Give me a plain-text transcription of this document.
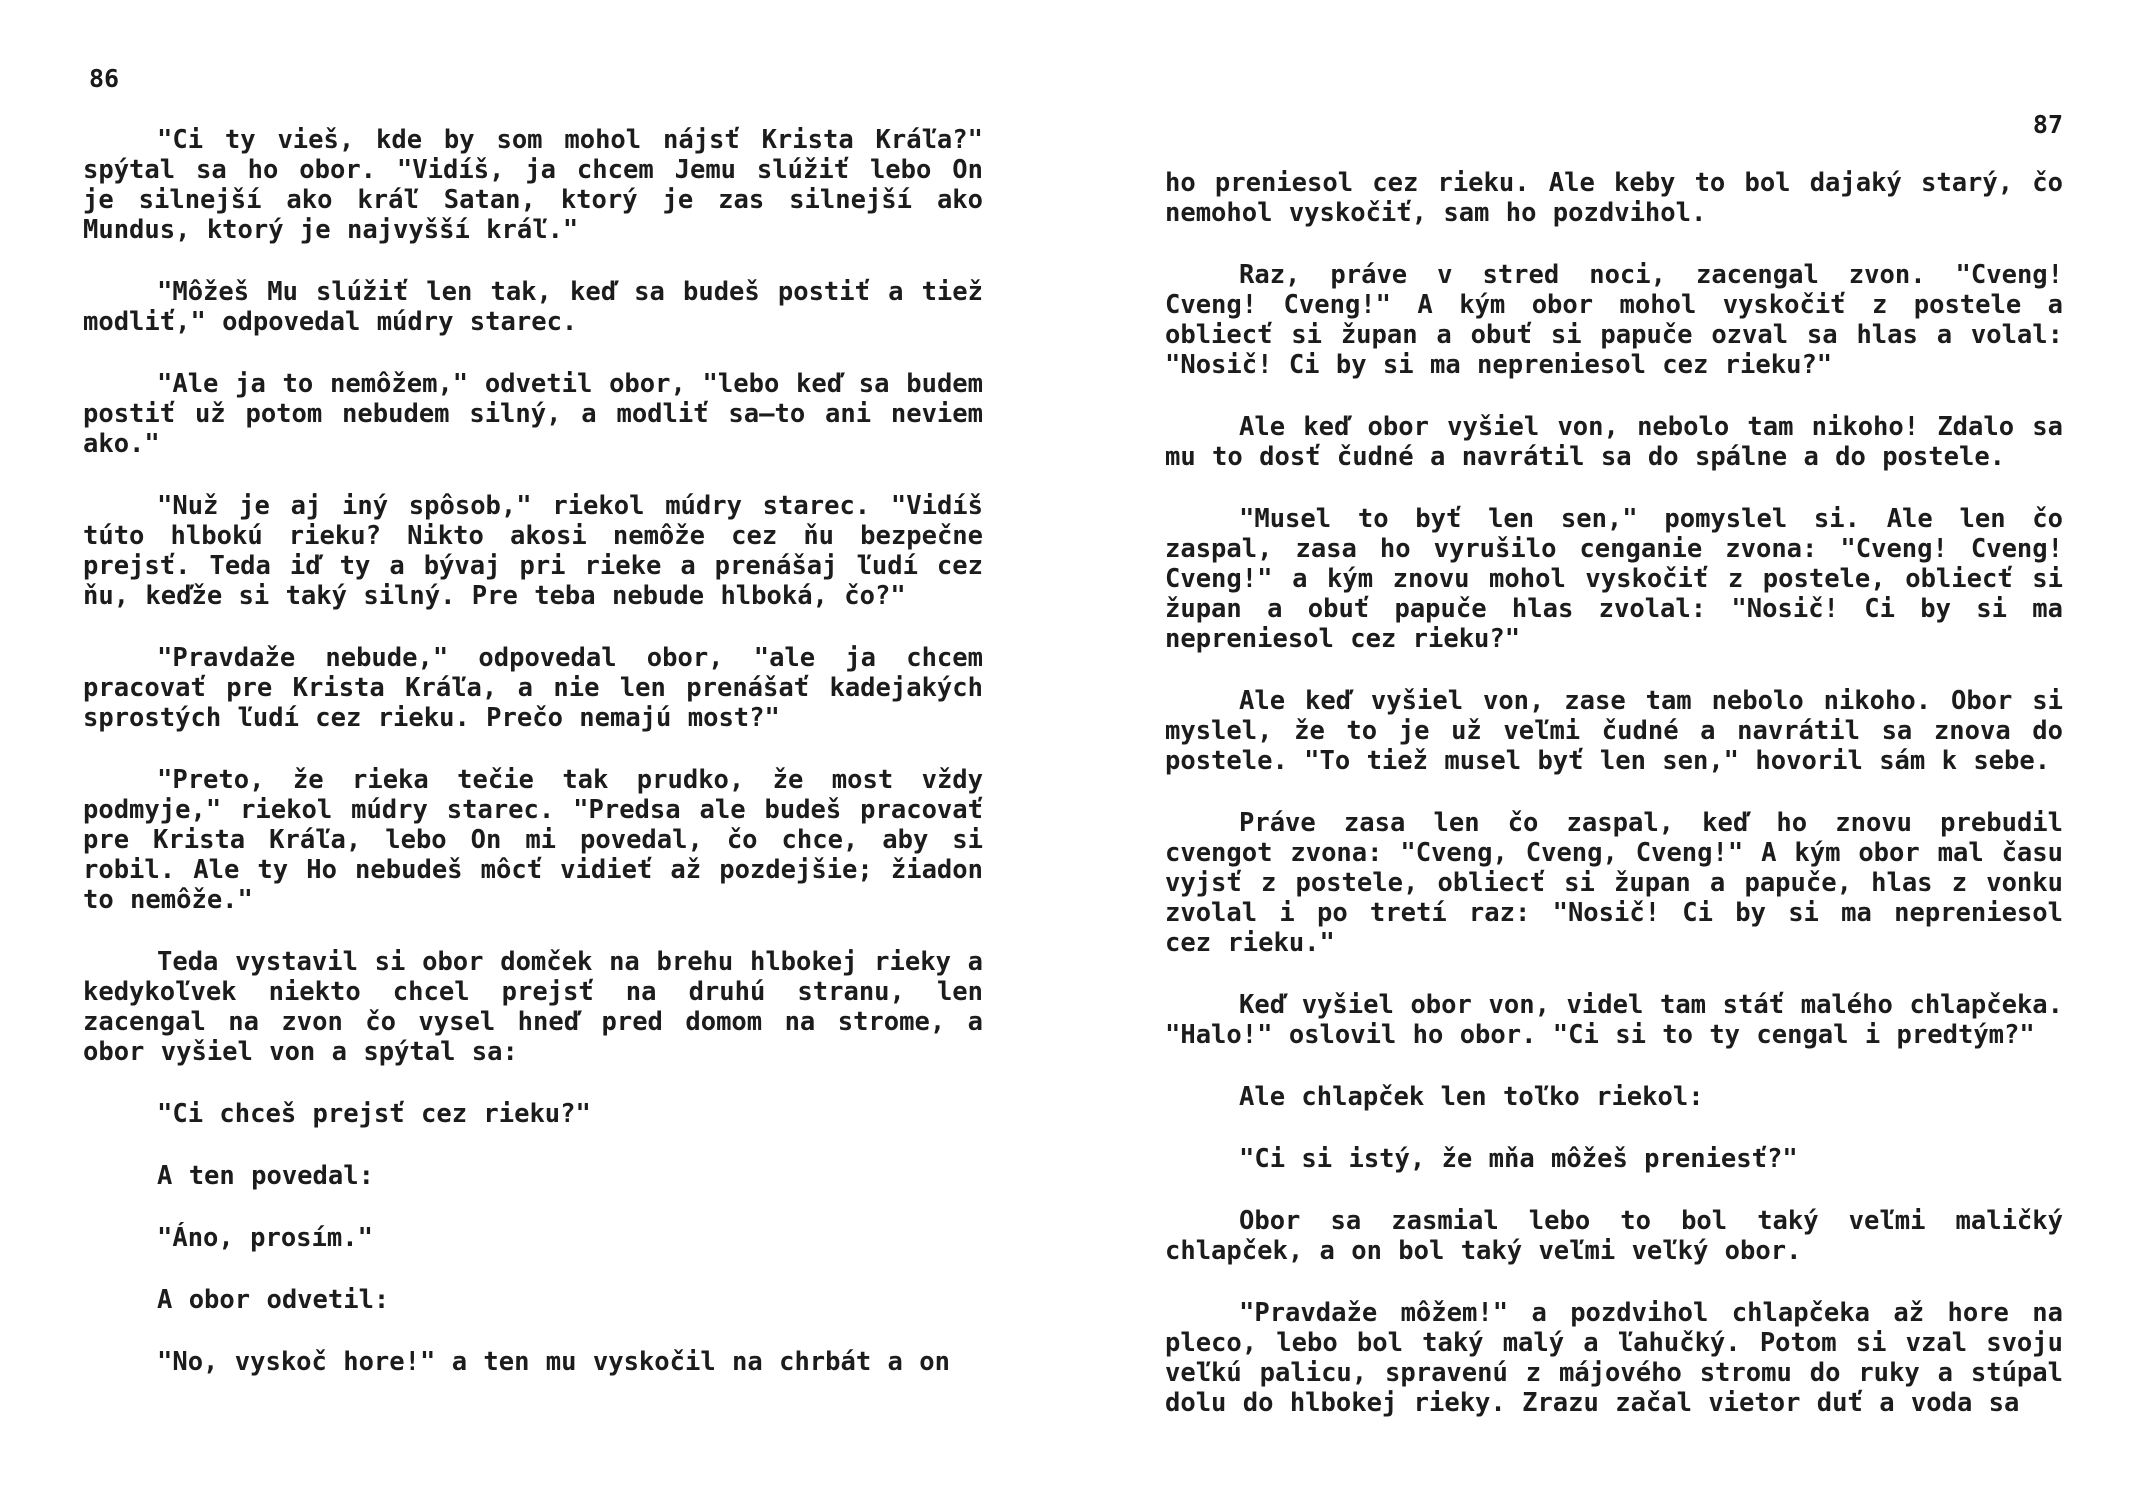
86

"Ci ty vieš, kde by som mohol nájsť Krista Kráľa?" spýtal sa ho obor. "Vidíš, ja chcem Jemu slúžiť lebo On je silnejší ako kráľ Satan, ktorý je zas silnejší ako Mundus, ktorý je najvyšší kráľ."

"Môžeš Mu slúžiť len tak, keď sa budeš postiť a tiež modliť," odpovedal múdry starec.

"Ale ja to nemôžem," odvetil obor, "lebo keď sa budem postiť už potom nebudem silný, a modliť sa—to ani neviem ako."

"Nuž je aj iný spôsob," riekol múdry starec. "Vidíš túto hlbokú rieku? Nikto akosi nemôže cez ňu bezpečne prejsť. Teda iď ty a bývaj pri rieke a prenášaj ľudí cez ňu, keďže si taký silný. Pre teba nebude hlboká, čo?"

"Pravdaže nebude," odpovedal obor, "ale ja chcem pracovať pre Krista Kráľa, a nie len prenášať kadejakých sprostých ľudí cez rieku. Prečo nemajú most?"

"Preto, že rieka tečie tak prudko, že most vždy podmyje," riekol múdry starec. "Predsa ale budeš pracovať pre Krista Kráľa, lebo On mi povedal, čo chce, aby si robil. Ale ty Ho nebudeš môcť vidieť až pozdejšie; žiadon to nemôže."

Teda vystavil si obor domček na brehu hlbokej rieky a kedykoľvek niekto chcel prejsť na druhú stranu, len zacengal na zvon čo vysel hneď pred domom na strome, a obor vyšiel von a spýtal sa:

"Ci chceš prejsť cez rieku?"

A ten povedal:

"Áno, prosím."

A obor odvetil:

"No, vyskoč hore!" a ten mu vyskočil na chrbát a on

87

ho preniesol cez rieku. Ale keby to bol dajaký starý, čo nemohol vyskočiť, sam ho pozdvihol.

Raz, práve v stred noci, zacengal zvon. "Cveng! Cveng! Cveng!" A kým obor mohol vyskočiť z postele a obliecť si župan a obuť si papuče ozval sa hlas a volal: "Nosič! Ci by si ma nepreniesol cez rieku?"

Ale keď obor vyšiel von, nebolo tam nikoho! Zdalo sa mu to dosť čudné a navrátil sa do spálne a do postele.

"Musel to byť len sen," pomyslel si. Ale len čo zaspal, zasa ho vyrušilo cenganie zvona: "Cveng! Cveng! Cveng!" a kým znovu mohol vyskočiť z postele, obliecť si župan a obuť papuče hlas zvolal: "Nosič! Ci by si ma nepreniesol cez rieku?"

Ale keď vyšiel von, zase tam nebolo nikoho. Obor si myslel, že to je už veľmi čudné a navrátil sa znova do postele. "To tiež musel byť len sen," hovoril sám k sebe.

Práve zasa len čo zaspal, keď ho znovu prebudil cvengot zvona: "Cveng, Cveng, Cveng!" A kým obor mal času vyjsť z postele, obliecť si župan a papuče, hlas z vonku zvolal i po tretí raz: "Nosič! Ci by si ma nepreniesol cez rieku."

Keď vyšiel obor von, videl tam stáť malého chlapčeka. "Halo!" oslovil ho obor. "Ci si to ty cengal i predtým?"

Ale chlapček len toľko riekol:

"Ci si istý, že mňa môžeš preniesť?"

Obor sa zasmial lebo to bol taký veľmi maličký chlapček, a on bol taký veľmi veľký obor.

"Pravdaže môžem!" a pozdvihol chlapčeka až hore na pleco, lebo bol taký malý a ľahučký. Potom si vzal svoju veľkú palicu, spravenú z májového stromu do ruky a stúpal dolu do hlbokej rieky. Zrazu začal vietor duť a voda sa
